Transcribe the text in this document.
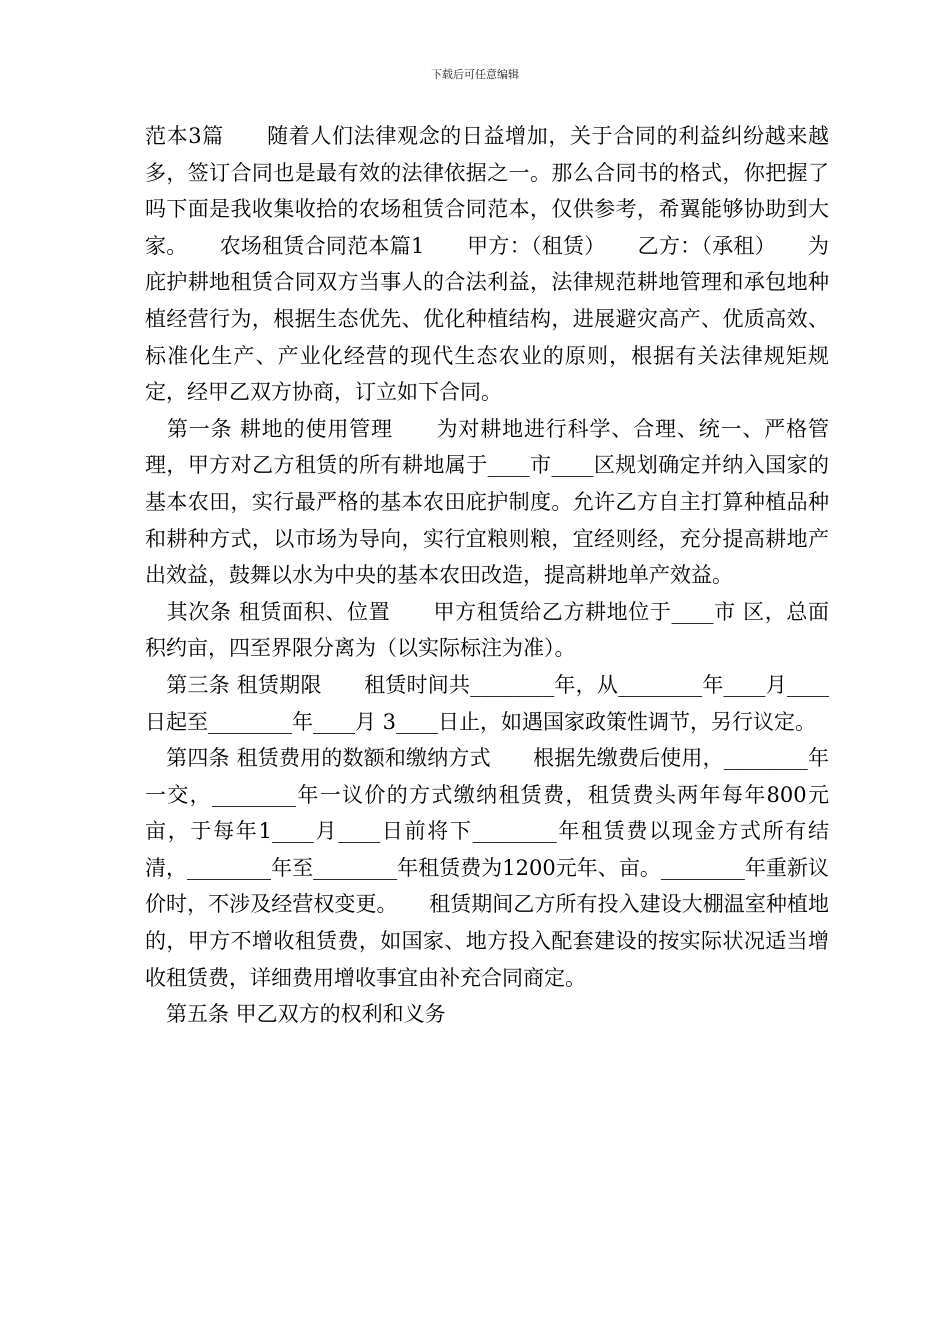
下载后可任意编辑

范本3篇　　随着人们法律观念的日益增加，关于合同的利益纠纷越来越多，签订合同也是最有效的法律依据之一。那么合同书的格式，你把握了吗下面是我收集收拾的农场租赁合同范本，仅供参考，希翼能够协助到大家。　　农场租赁合同范本篇1　　甲方：（租赁）　　乙方：（承租）　　为庇护耕地租赁合同双方当事人的合法利益，法律规范耕地管理和承包地种植经营行为，根据生态优先、优化种植结构，进展避灾高产、优质高效、标准化生产、产业化经营的现代生态农业的原则，根据有关法律规矩规定，经甲乙双方协商，订立如下合同。

　第一条 耕地的使用管理　　为对耕地进行科学、合理、统一、严格管理，甲方对乙方租赁的所有耕地属于____市____区规划确定并纳入国家的基本农田，实行最严格的基本农田庇护制度。允许乙方自主打算种植品种和耕种方式，以市场为导向，实行宜粮则粮，宜经则经，充分提高耕地产出效益，鼓舞以水为中央的基本农田改造，提高耕地单产效益。

　其次条 租赁面积、位置　　甲方租赁给乙方耕地位于____市 区，总面积约亩，四至界限分离为（以实际标注为准）。

　第三条 租赁期限　　租赁时间共________年，从________年____月____日起至________年____月 3____日止，如遇国家政策性调节，另行议定。

　第四条 租赁费用的数额和缴纳方式　　根据先缴费后使用，________年一交，________年一议价的方式缴纳租赁费，租赁费头两年每年800元亩，于每年1____月____日前将下________年租赁费以现金方式所有结清，________年至________年租赁费为1200元年、亩。________年重新议价时，不涉及经营权变更。　　租赁期间乙方所有投入建设大棚温室种植地的，甲方不增收租赁费，如国家、地方投入配套建设的按实际状况适当增收租赁费，详细费用增收事宜由补充合同商定。

　第五条 甲乙双方的权利和义务
